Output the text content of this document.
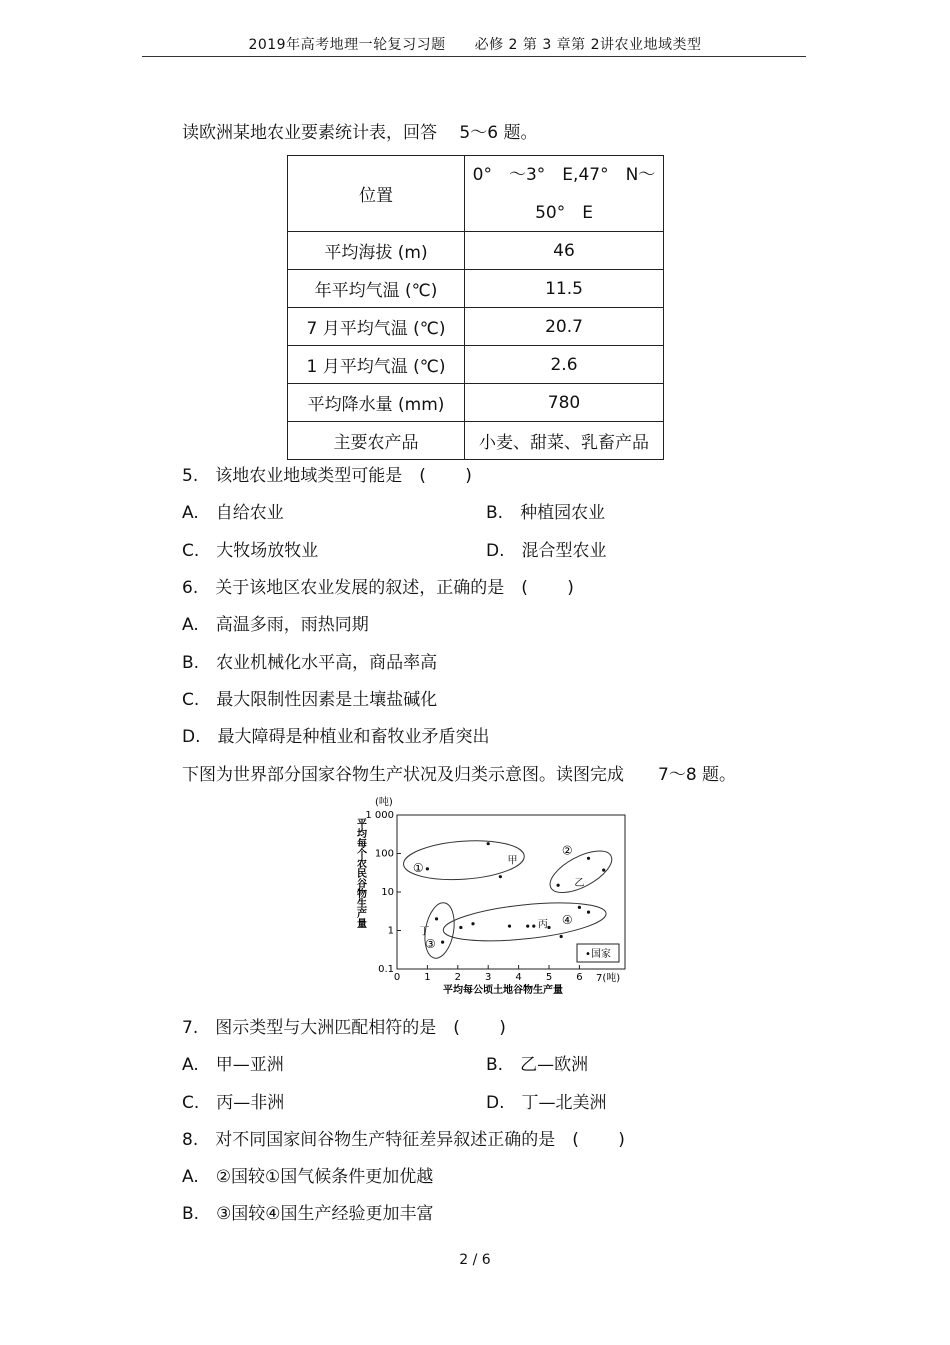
2019年高考地理一轮复习习题　　必修 2 第 3 章第 2讲农业地域类型
读欧洲某地农业要素统计表，回答　 5～6 题。
位置	0°　～3°　E,47°　N～
50°　E

平均海拔 (m)	46
年平均气温 (℃)	11.5
7 月平均气温 (℃)	20.7
1 月平均气温 (℃)	2.6
平均降水量 (mm)	780
主要农产品	小麦、甜菜、乳畜产品
5.　该地农业地域类型可能是　(　　 )
A.　自给农业	B.　种植园农业
C.　大牧场放牧业	D.　混合型农业
6.　关于该地区农业发展的叙述，正确的是　(　　 )
A.　高温多雨，雨热同期
B.　农业机械化水平高，商品率高
C.　最大限制性因素是土壤盐碱化
D.　最大障碍是种植业和畜牧业矛盾突出
下图为世界部分国家谷物生产状况及归类示意图。读图完成　　7～8 题。
0.1
1
10
100
1 000
0 1 2 3 4 5 6
甲
乙
丙
丁
①
②
③
④
•国家
(吨)
平均每个农民谷物生产量
平均每公顷土地谷物生产量
7(吨)
7.　图示类型与大洲匹配相符的是　(　　 )
A.　甲—亚洲	B.　乙—欧洲
C.　丙—非洲	D.　丁—北美洲
8.　对不同国家间谷物生产特征差异叙述正确的是　(　　 )
A.　②国较①国气候条件更加优越
B.　③国较④国生产经验更加丰富
2 / 6
